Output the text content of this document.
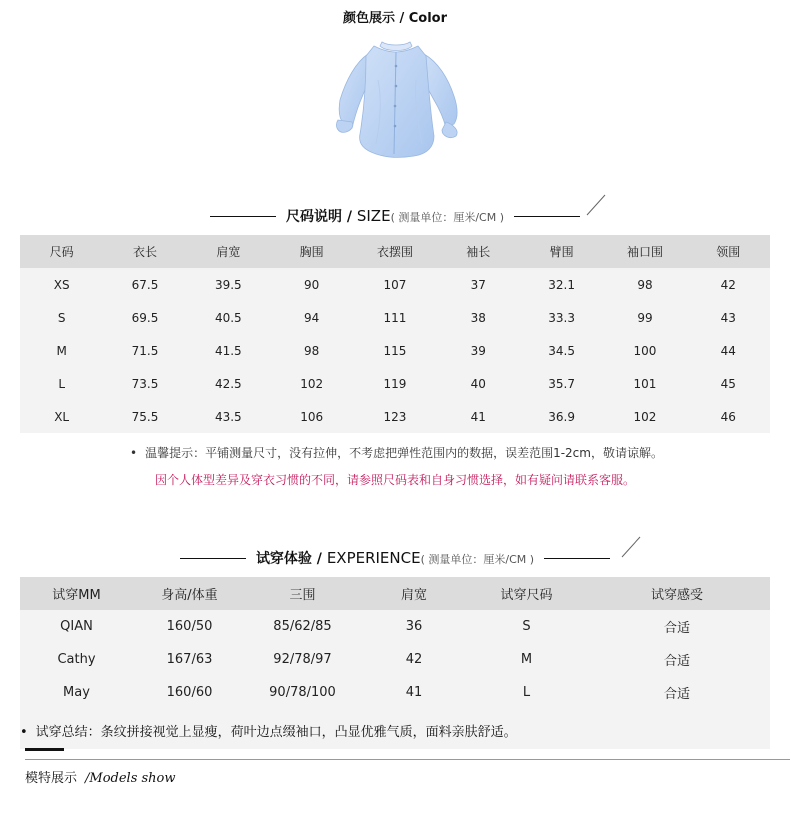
颜色展示 / Color
尺码说明 / SIZE( 测量单位：厘米/CM )
尺码	衣长	肩宽	胸围	衣摆围	袖长	臂围	袖口围	领围
XS	67.5	39.5	90	107	37	32.1	98	42
S	69.5	40.5	94	111	38	33.3	99	43
M	71.5	41.5	98	115	39	34.5	100	44
L	73.5	42.5	102	119	40	35.7	101	45
XL	75.5	43.5	106	123	41	36.9	102	46
• 温馨提示：平铺测量尺寸，没有拉伸，不考虑把弹性范围内的数据，误差范围1-2cm，敬请谅解。
因个人体型差异及穿衣习惯的不同，请参照尺码表和自身习惯选择，如有疑问请联系客服。
试穿体验 / EXPERIENCE( 测量单位：厘米/CM )
试穿MM	身高/体重	三围	肩宽	试穿尺码	试穿感受
QIAN	160/50	85/62/85	36	S	合适
Cathy	167/63	92/78/97	42	M	合适
May	160/60	90/78/100	41	L	合适
• 试穿总结：条纹拼接视觉上显瘦，荷叶边点缀袖口，凸显优雅气质，面料亲肤舒适。
模特展示 /Models show
